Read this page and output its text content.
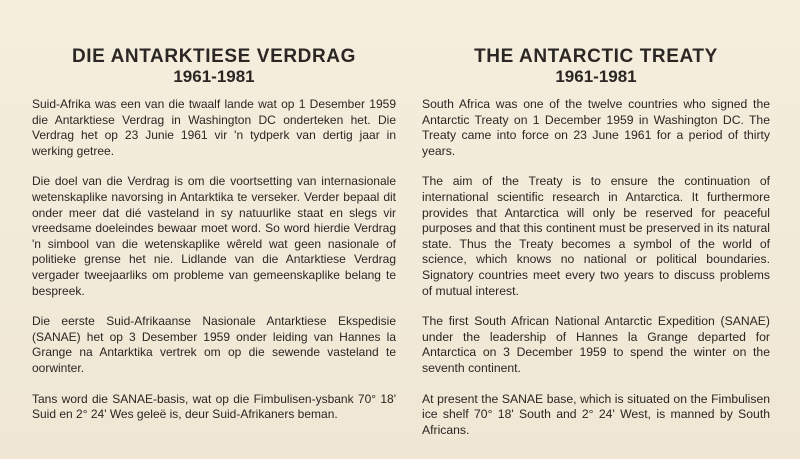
DIE ANTARKTIESE VERDRAG
1961-1981

Suid-Afrika was een van die twaalf lande wat op 1 Desember 1959 die Antarktiese Verdrag in Washington DC onderteken het. Die Verdrag het op 23 Junie 1961 vir 'n tydperk van dertig jaar in werking getree.

Die doel van die Verdrag is om die voortsetting van internasionale wetenskaplike navorsing in Antarktika te verseker. Verder bepaal dit onder meer dat dié vasteland in sy natuurlike staat en slegs vir vreedsame doeleindes bewaar moet word. So word hierdie Verdrag 'n simbool van die wetenskaplike wêreld wat geen nasionale of politieke grense het nie. Lidlande van die Antarktiese Verdrag vergader tweejaarliks om probleme van gemeenskaplike belang te bespreek.

Die eerste Suid-Afrikaanse Nasionale Antarktiese Ekspedisie (SANAE) het op 3 Desember 1959 onder leiding van Hannes la Grange na Antarktika vertrek om op die sewende vasteland te oorwinter.

Tans word die SANAE-basis, wat op die Fimbulisen-ysbank 70° 18' Suid en 2° 24' Wes geleë is, deur Suid-Afrikaners beman.

THE ANTARCTIC TREATY
1961-1981

South Africa was one of the twelve countries who signed the Antarctic Treaty on 1 December 1959 in Washington DC. The Treaty came into force on 23 June 1961 for a period of thirty years.

The aim of the Treaty is to ensure the continuation of international scientific research in Antarctica. It furthermore provides that Antarctica will only be reserved for peaceful purposes and that this continent must be preserved in its natural state. Thus the Treaty becomes a symbol of the world of science, which knows no national or political boundaries. Signatory countries meet every two years to discuss problems of mutual interest.

The first South African National Antarctic Expedition (SANAE) under the leadership of Hannes la Grange departed for Antarctica on 3 December 1959 to spend the winter on the seventh continent.

At present the SANAE base, which is situated on the Fimbulisen ice shelf 70° 18' South and 2° 24' West, is manned by South Africans.
